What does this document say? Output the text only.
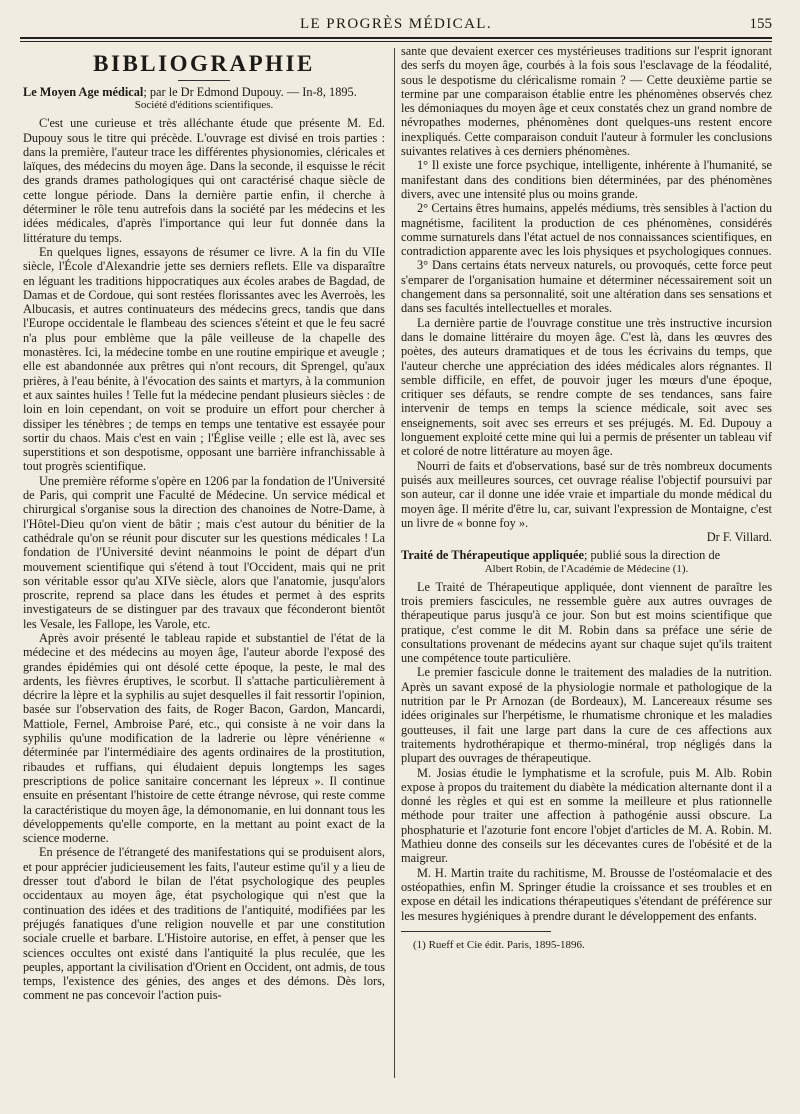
LE PROGRÈS MÉDICAL.	155
BIBLIOGRAPHIE

Le Moyen Age médical; par le Dr Edmond Dupouy. — In-8, 1895.

Société d'éditions scientifiques.

C'est une curieuse et très alléchante étude que présente M. Ed. Dupouy sous le titre qui précède. L'ouvrage est divisé en trois parties : dans la première, l'auteur trace les différentes physionomies, cléricales et laïques, des médecins du moyen âge. Dans la seconde, il esquisse le récit des grands drames pathologiques qui ont caractérisé chaque siècle de cette longue période. Dans la dernière partie enfin, il cherche à déterminer le rôle tenu autrefois dans la société par les médecins et les idées médicales, d'après l'importance qui leur fut donnée dans la littérature du temps.

En quelques lignes, essayons de résumer ce livre. A la fin du VIIe siècle, l'École d'Alexandrie jette ses derniers reflets. Elle va disparaître en léguant les traditions hippocratiques aux écoles arabes de Bagdad, de Damas et de Cordoue, qui sont restées florissantes avec les Averroès, les Albucasis, et autres continuateurs des médecins grecs, tandis que dans l'Europe occidentale le flambeau des sciences s'éteint et que le feu sacré n'a plus pour emblème que la pâle veilleuse de la chapelle des monastères. Ici, la médecine tombe en une routine empirique et aveugle ; elle est abandonnée aux prêtres qui n'ont recours, dit Sprengel, qu'aux prières, à l'eau bénite, à l'évocation des saints et martyrs, à la communion et aux saintes huiles ! Telle fut la médecine pendant plusieurs siècles : de loin en loin cependant, on voit se produire un effort pour chercher à dissiper les ténèbres ; de temps en temps une tentative est essayée pour sortir du chaos. Mais c'est en vain ; l'Église veille ; elle est là, avec ses superstitions et son despotisme, opposant une barrière infranchissable à tout progrès scientifique.

Une première réforme s'opère en 1206 par la fondation de l'Université de Paris, qui comprit une Faculté de Médecine. Un service médical et chirurgical s'organise sous la direction des chanoines de Notre-Dame, à l'Hôtel-Dieu qu'on vient de bâtir ; mais c'est autour du bénitier de la cathédrale qu'on se réunit pour discuter sur les questions médicales ! La fondation de l'Université devint néanmoins le point de départ d'un mouvement scientifique qui s'étend à tout l'Occident, mais qui ne prit son véritable essor qu'au XIVe siècle, alors que l'anatomie, jusqu'alors proscrite, reprend sa place dans les études et permet à des esprits investigateurs de se distinguer par des travaux que féconderont bientôt les Vesale, les Fallope, les Varole, etc.

Après avoir présenté le tableau rapide et substantiel de l'état de la médecine et des médecins au moyen âge, l'auteur aborde l'exposé des grandes épidémies qui ont désolé cette époque, la peste, le mal des ardents, les fièvres éruptives, le scorbut. Il s'attache particulièrement à décrire la lèpre et la syphilis au sujet desquelles il fait ressortir l'opinion, basée sur l'observation des faits, de Roger Bacon, Gardon, Mancardi, Mattiole, Fernel, Ambroise Paré, etc., qui consiste à ne voir dans la syphilis qu'une modification de la ladrerie ou lèpre vénérienne « déterminée par l'intermédiaire des agents ordinaires de la prostitution, ribaudes et ruffians, qui éludaient depuis longtemps les sages prescriptions de police sanitaire concernant les lépreux ». Il continue ensuite en présentant l'histoire de cette étrange névrose, qui reste comme la caractéristique du moyen âge, la démonomanie, en lui donnant tous les développements qu'elle comporte, en la mettant au point exact de la science moderne.

En présence de l'étrangeté des manifestations qui se produisent alors, et pour apprécier judicieusement les faits, l'auteur estime qu'il y a lieu de dresser tout d'abord le bilan de l'état psychologique des peuples occidentaux au moyen âge, état psychologique qui n'est que la continuation des idées et des traditions de l'antiquité, modifiées par les préjugés fanatiques d'une religion nouvelle et par une constitution sociale cruelle et barbare. L'Histoire autorise, en effet, à penser que les sciences occultes ont existé dans l'antiquité la plus reculée, que les peuples, apportant la civilisation d'Orient en Occident, ont admis, de tous temps, l'existence des génies, des anges et des démons. Dès lors, comment ne pas concevoir l'action puis-

sante que devaient exercer ces mystérieuses traditions sur l'esprit ignorant des serfs du moyen âge, courbés à la fois sous l'esclavage de la féodalité, sous le despotisme du cléricalisme romain ? — Cette deuxième partie se termine par une comparaison établie entre les phénomènes observés chez les démoniaques du moyen âge et ceux constatés chez un grand nombre de névropathes modernes, phénomènes dont quelques-uns restent encore inexpliqués. Cette comparaison conduit l'auteur à formuler les conclusions suivantes relatives à ces derniers phénomènes.

1° Il existe une force psychique, intelligente, inhérente à l'humanité, se manifestant dans des conditions bien déterminées, par des phénomènes divers, avec une intensité plus ou moins grande.

2° Certains êtres humains, appelés médiums, très sensibles à l'action du magnétisme, facilitent la production de ces phénomènes, considérés comme surnaturels dans l'état actuel de nos connaissances scientifiques, en contradiction apparente avec les lois physiques et psychologiques connues.

3° Dans certains états nerveux naturels, ou provoqués, cette force peut s'emparer de l'organisation humaine et déterminer nécessairement soit un changement dans sa personnalité, soit une altération dans ses sensations et dans ses facultés intellectuelles et morales.

La dernière partie de l'ouvrage constitue une très instructive incursion dans le domaine littéraire du moyen âge. C'est là, dans les œuvres des poètes, des auteurs dramatiques et de tous les écrivains du temps, que l'auteur cherche une appréciation des idées médicales alors régnantes. Il semble difficile, en effet, de pouvoir juger les mœurs d'une époque, critiquer ses défauts, se rendre compte de ses tendances, sans faire intervenir de temps en temps la science médicale, soit avec ses enseignements, soit avec ses erreurs et ses préjugés. M. Ed. Dupouy a longuement exploité cette mine qui lui a permis de présenter un tableau vif et coloré de notre littérature au moyen âge.

Nourri de faits et d'observations, basé sur de très nombreux documents puisés aux meilleures sources, cet ouvrage réalise l'objectif poursuivi par son auteur, car il donne une idée vraie et impartiale du monde médical du moyen âge. Il mérite d'être lu, car, suivant l'expression de Montaigne, c'est un livre de « bonne foy ».

Dr F. Villard.

Traité de Thérapeutique appliquée; publié sous la direction de

Albert Robin, de l'Académie de Médecine (1).

Le Traité de Thérapeutique appliquée, dont viennent de paraître les trois premiers fascicules, ne ressemble guère aux autres ouvrages de thérapeutique parus jusqu'à ce jour. Son but est moins scientifique que pratique, c'est comme le dit M. Robin dans sa préface une série de consultations provenant de médecins ayant sur chaque sujet qu'ils traitent une compétence toute particulière.

Le premier fascicule donne le traitement des maladies de la nutrition. Après un savant exposé de la physiologie normale et pathologique de la nutrition par le Pr Arnozan (de Bordeaux), M. Lancereaux résume ses idées originales sur l'herpétisme, le rhumatisme chronique et les maladies goutteuses, il fait une large part dans la cure de ces affections aux traitements hydrothérapique et thermo-minéral, trop négligés dans la plupart des ouvrages de thérapeutique.

M. Josias étudie le lymphatisme et la scrofule, puis M. Alb. Robin expose à propos du traitement du diabète la médication alternante dont il a donné les règles et qui est en somme la meilleure et plus rationnelle méthode pour traiter une affection à pathogénie aussi obscure. La phosphaturie et l'azoturie font encore l'objet d'articles de M. A. Robin. M. Mathieu donne des conseils sur les décevantes cures de l'obésité et de la maigreur.

M. H. Martin traite du rachitisme, M. Brousse de l'ostéomalacie et des ostéopathies, enfin M. Springer étudie la croissance et ses troubles et en expose en détail les indications thérapeutiques s'étendant de préférence sur les mesures hygiéniques à prendre durant le développement des enfants.

(1) Rueff et Cie édit. Paris, 1895-1896.
